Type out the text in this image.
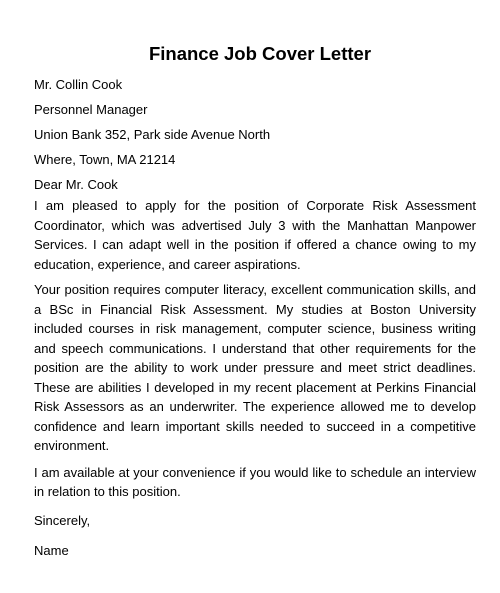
Finance Job Cover Letter

Mr. Collin Cook

Personnel Manager

Union Bank 352, Park side Avenue North

Where, Town, MA 21214

Dear Mr. Cook

I am pleased to apply for the position of Corporate Risk Assessment Coordinator, which was advertised July 3 with the Manhattan Manpower Services. I can adapt well in the position if offered a chance owing to my education, experience, and career aspirations.

Your position requires computer literacy, excellent communication skills, and a BSc in Financial Risk Assessment. My studies at Boston University included courses in risk management, computer science, business writing and speech communications. I understand that other requirements for the position are the ability to work under pressure and meet strict deadlines. These are abilities I developed in my recent placement at Perkins Financial Risk Assessors as an underwriter. The experience allowed me to develop confidence and learn important skills needed to succeed in a competitive environment.

I am available at your convenience if you would like to schedule an interview in relation to this position.

Sincerely,

Name
